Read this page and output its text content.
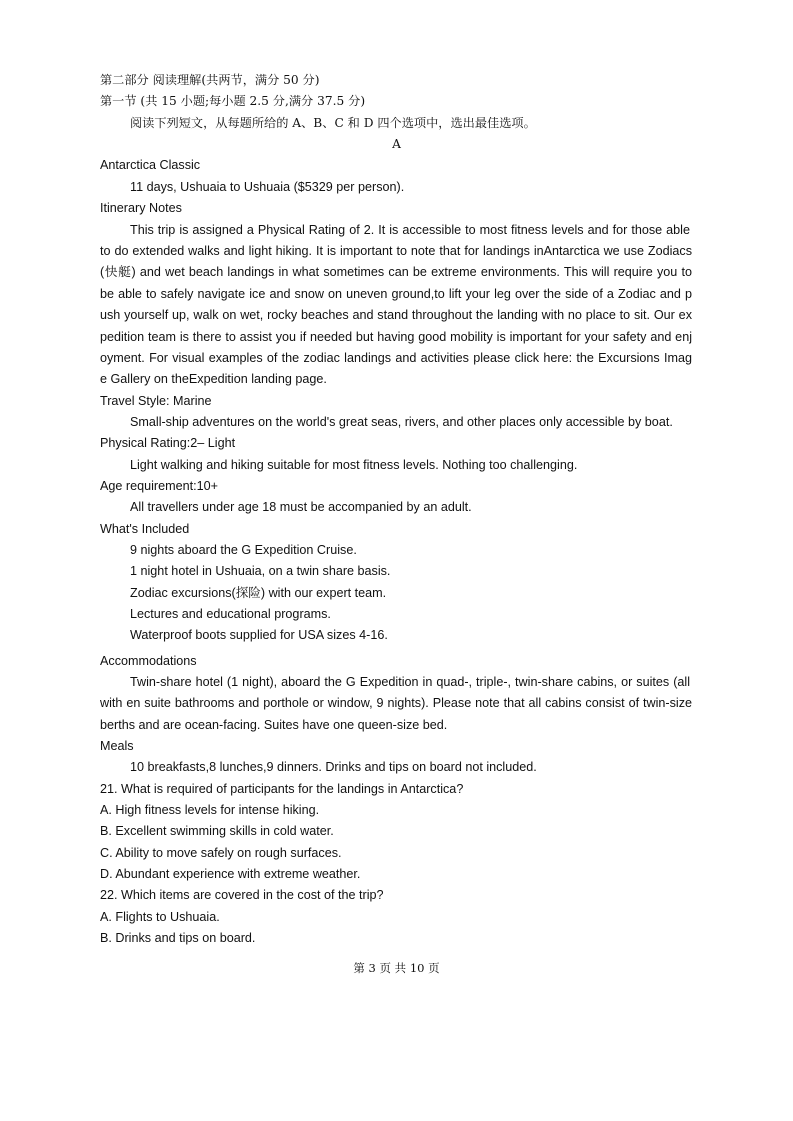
第二部分 阅读理解(共两节，满分 50 分)
第一节 (共 15 小题;每小题 2.5 分,满分 37.5 分)
阅读下列短文，从每题所给的 A、B、C 和 D 四个选项中，选出最佳选项。
A
Antarctica Classic
11 days, Ushuaia to Ushuaia ($5329 per person).
Itinerary Notes
This trip is assigned a Physical Rating of 2. It is accessible to most fitness levels and for those able
to do extended walks and light hiking. It is important to note that for landings inAntarctica we use Zodiacs
(快艇) and wet beach landings in what sometimes can be extreme environments. This will require you to
be able to safely navigate ice and snow on uneven ground,to lift your leg over the side of a Zodiac and p
ush yourself up, walk on wet, rocky beaches and stand throughout the landing with no place to sit. Our ex
pedition team is there to assist you if needed but having good mobility is important for your safety and enj
oyment. For visual examples of the zodiac landings and activities please click here: the Excursions Imag
e Gallery on theExpedition landing page.
Travel Style: Marine
Small-ship adventures on the world's great seas, rivers, and other places only accessible by boat.
Physical Rating:2– Light
Light walking and hiking suitable for most fitness levels. Nothing too challenging.
Age requirement:10+
All travellers under age 18 must be accompanied by an adult.
What's Included
9 nights aboard the G Expedition Cruise.
1 night hotel in Ushuaia, on a twin share basis.
Zodiac excursions(探险) with our expert team.
Lectures and educational programs.
Waterproof boots supplied for USA sizes 4-16.
Accommodations
Twin-share hotel (1 night), aboard the G Expedition in quad-, triple-, twin-share cabins, or suites (all
with en suite bathrooms and porthole or window, 9 nights). Please note that all cabins consist of twin-size
berths and are ocean-facing. Suites have one queen-size bed.
Meals
10 breakfasts,8 lunches,9 dinners. Drinks and tips on board not included.
21. What is required of participants for the landings in Antarctica?
A. High fitness levels for intense hiking.
B. Excellent swimming skills in cold water.
C. Ability to move safely on rough surfaces.
D. Abundant experience with extreme weather.
22. Which items are covered in the cost of the trip?
A. Flights to Ushuaia.
B. Drinks and tips on board.
第 3 页 共 10 页
